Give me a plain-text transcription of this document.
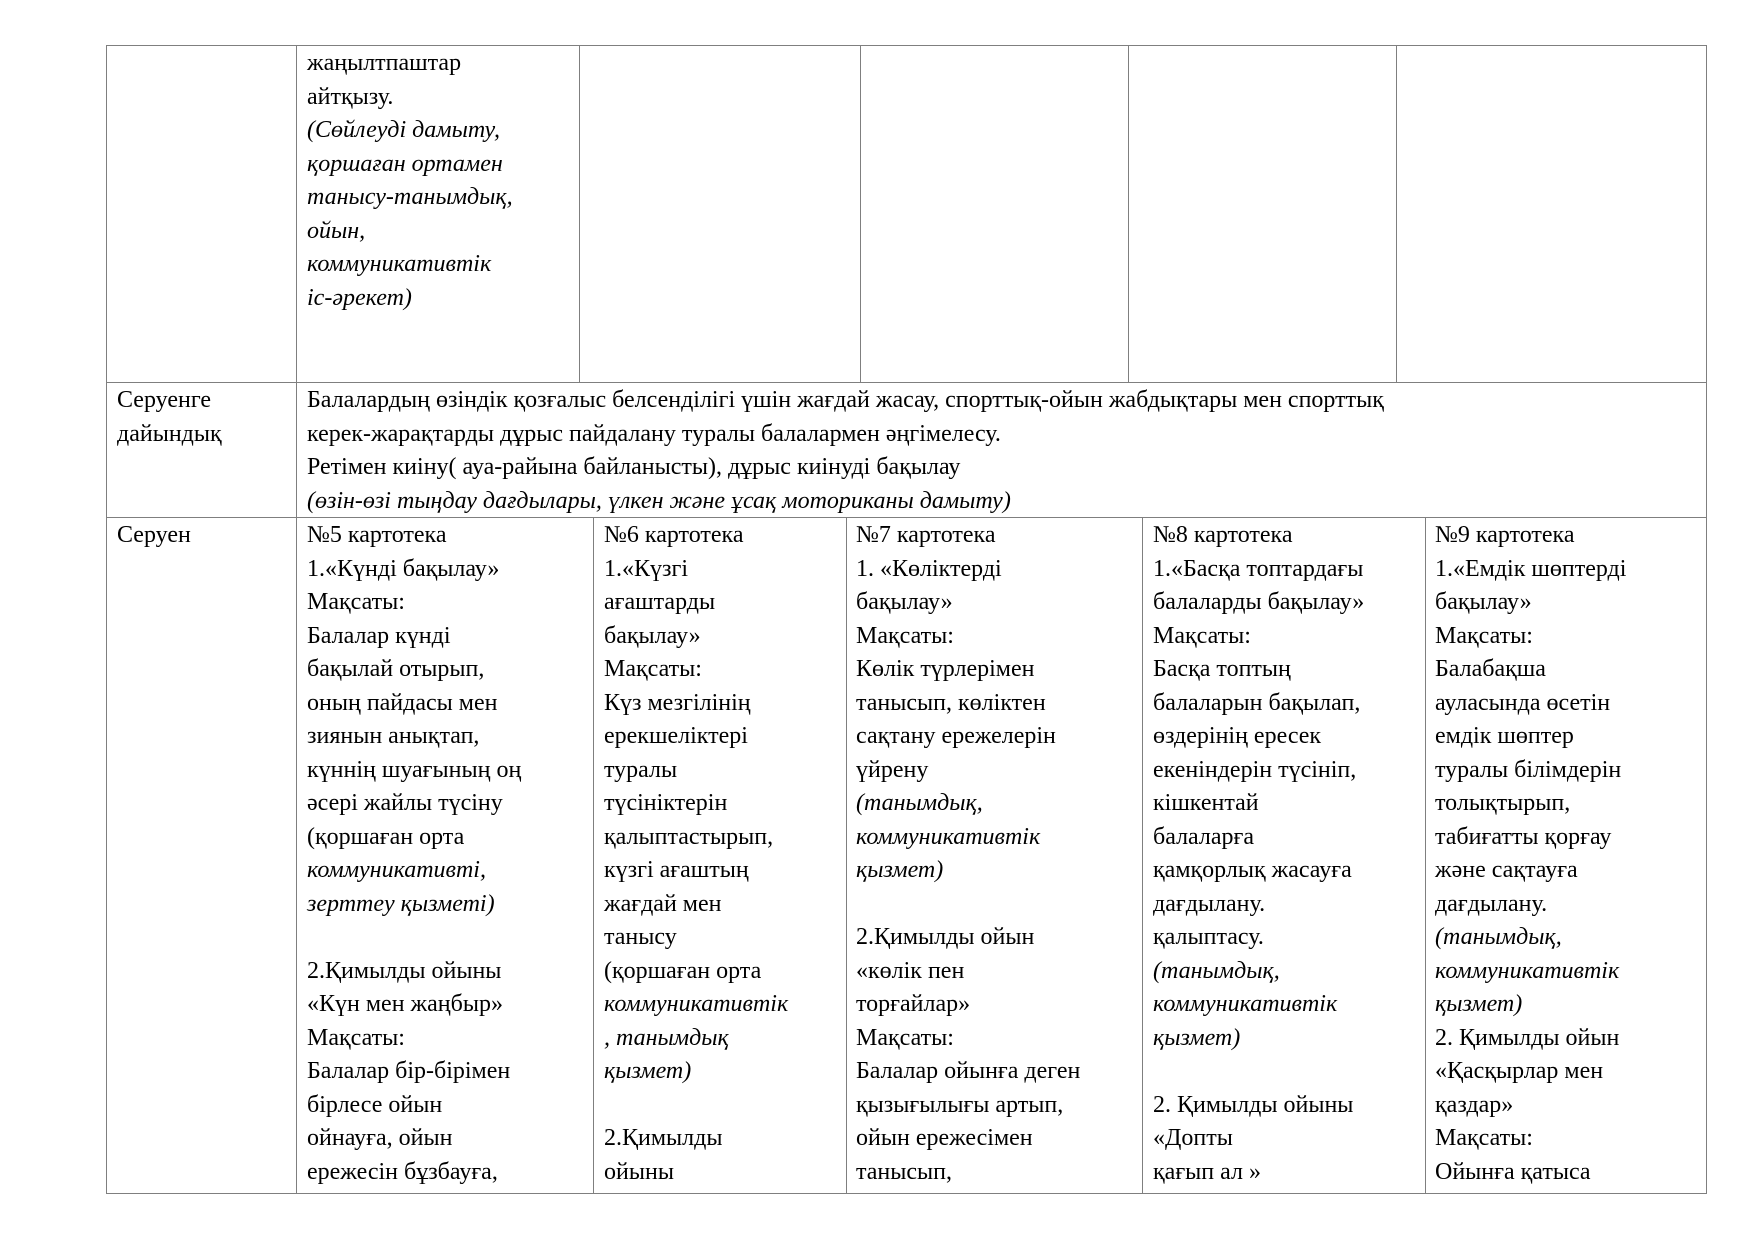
жаңылтпаштар
айтқызу.
(Сөйлеуді дамыту,
қоршаған ортамен
танысу-танымдық,
ойын,
коммуникативтік
іс-әрекет)
Серуенге
дайындық
Балалардың өзіндік қозғалыс белсенділігі үшін жағдай жасау, спорттық-ойын жабдықтары мен спорттық
керек-жарақтарды дұрыс пайдалану туралы балалармен әңгімелесу.
Ретімен киіну( ауа-райына байланысты), дұрыс киінуді бақылау
(өзін-өзі тыңдау дағдылары, үлкен және ұсақ моториканы дамыту)
Серуен	№5 картотека
1.«Күнді бақылау»
Мақсаты:
Балалар күнді
бақылай отырып,
оның пайдасы мен
зиянын анықтап,
күннің шуағының оң
әсері жайлы түсіну
(қоршаған орта
коммуникативті,
зерттеу қызметі)

2.Қимылды ойыны
«Күн мен жаңбыр»
Мақсаты:
Балалар бір-бірімен
бірлесе ойын
ойнауға, ойын
ережесін бұзбауға,
№6 картотека
1.«Күзгі
ағаштарды
бақылау»
Мақсаты:
Күз мезгілінің
ерекшеліктері
туралы
түсініктерін
қалыптастырып,
күзгі ағаштың
жағдай мен
танысу
(қоршаған орта
коммуникативтік
, танымдық
қызмет)

2.Қимылды
ойыны
№7 картотека
1. «Көліктерді
бақылау»
Мақсаты:
Көлік түрлерімен
танысып, көліктен
сақтану ережелерін
үйрену
(танымдық,
коммуникативтік
қызмет)

2.Қимылды ойын
«көлік пен
торғайлар»
Мақсаты:
Балалар ойынға деген
қызығылығы артып,
ойын ережесімен
танысып,
№8 картотека
1.«Басқа топтардағы
балаларды бақылау»
Мақсаты:
Басқа топтың
балаларын бақылап,
өздерінің ересек
екеніндерін түсініп,
кішкентай
балаларға
қамқорлық жасауға
дағдылану.
қалыптасу.
(танымдық,
коммуникативтік
қызмет)

2. Қимылды ойыны
«Допты
қағып ал »
№9 картотека
1.«Емдік шөптерді
бақылау»
Мақсаты:
Балабақша
ауласында өсетін
емдік шөптер
туралы білімдерін
толықтырып,
табиғатты қорғау
және сақтауға
дағдылану.
(танымдық,
коммуникативтік
қызмет)
2. Қимылды ойын
«Қасқырлар мен
қаздар»
Мақсаты:
Ойынға қатыса
